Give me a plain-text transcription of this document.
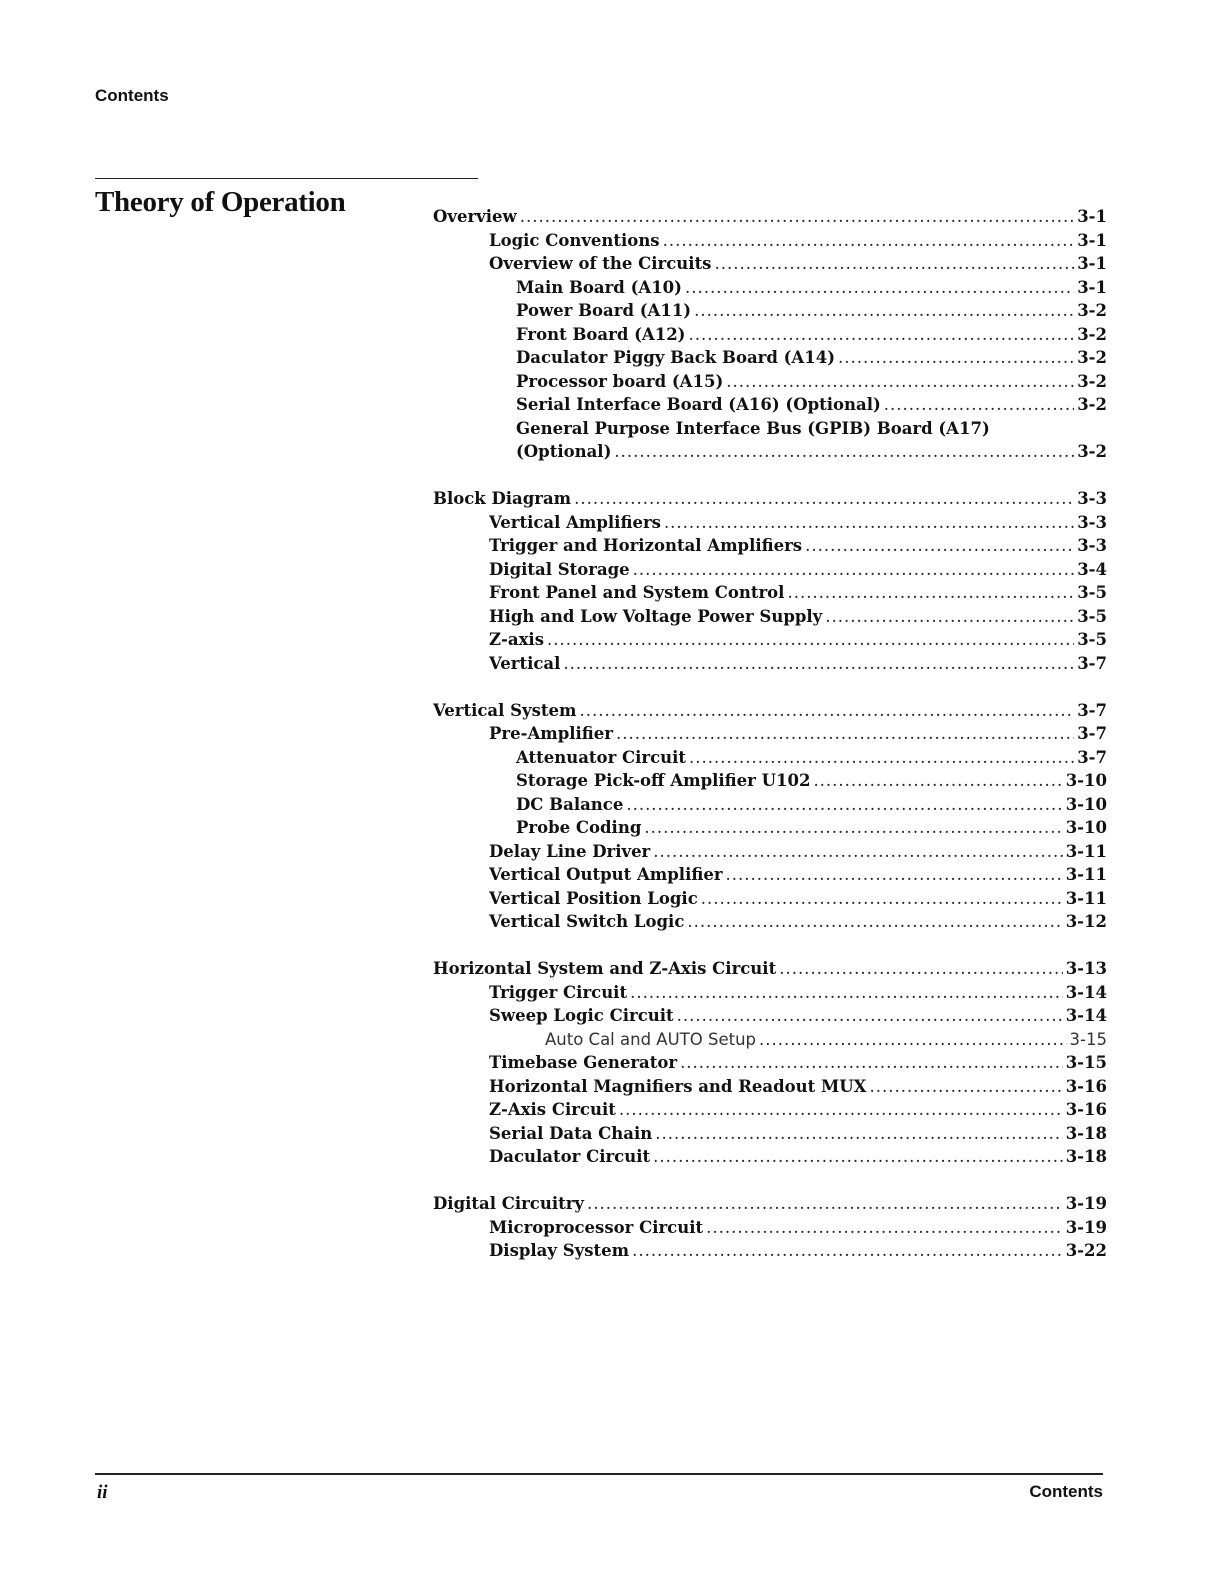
Contents
Theory of Operation	Overview .....	3-1
Logic Conventions .....	3-1
Overview of the Circuits .....	3-1
Main Board (A10) .....	3-1
Power Board (A11) .....	3-2
Front Board (A12) .....	3-2
Daculator Piggy Back Board (A14) .....	3-2
Processor board (A15) .....	3-2
Serial Interface Board (A16) (Optional) .....	3-2
General Purpose Interface Bus (GPIB) Board (A17)
(Optional) .....	3-2
Block Diagram .....	3-3
Vertical Amplifiers .....	3-3
Trigger and Horizontal Amplifiers .....	3-3
Digital Storage .....	3-4
Front Panel and System Control .....	3-5
High and Low Voltage Power Supply .....	3-5
Z-axis .....	3-5
Vertical .....	3-7
Vertical System .....	3-7
Pre-Amplifier .....	3-7
Attenuator Circuit .....	3-7
Storage Pick-off Amplifier U102 .....	3-10
DC Balance .....	3-10
Probe Coding .....	3-10
Delay Line Driver .....	3-11
Vertical Output Amplifier .....	3-11
Vertical Position Logic .....	3-11
Vertical Switch Logic .....	3-12
Horizontal System and Z-Axis Circuit .....	3-13
Trigger Circuit .....	3-14
Sweep Logic Circuit .....	3-14
Auto Cal and AUTO Setup .....	3-15
Timebase Generator .....	3-15
Horizontal Magnifiers and Readout MUX .....	3-16
Z-Axis Circuit .....	3-16
Serial Data Chain .....	3-18
Daculator Circuit .....	3-18
Digital Circuitry .....	3-19
Microprocessor Circuit .....	3-19
Display System .....	3-22
ii	Contents
